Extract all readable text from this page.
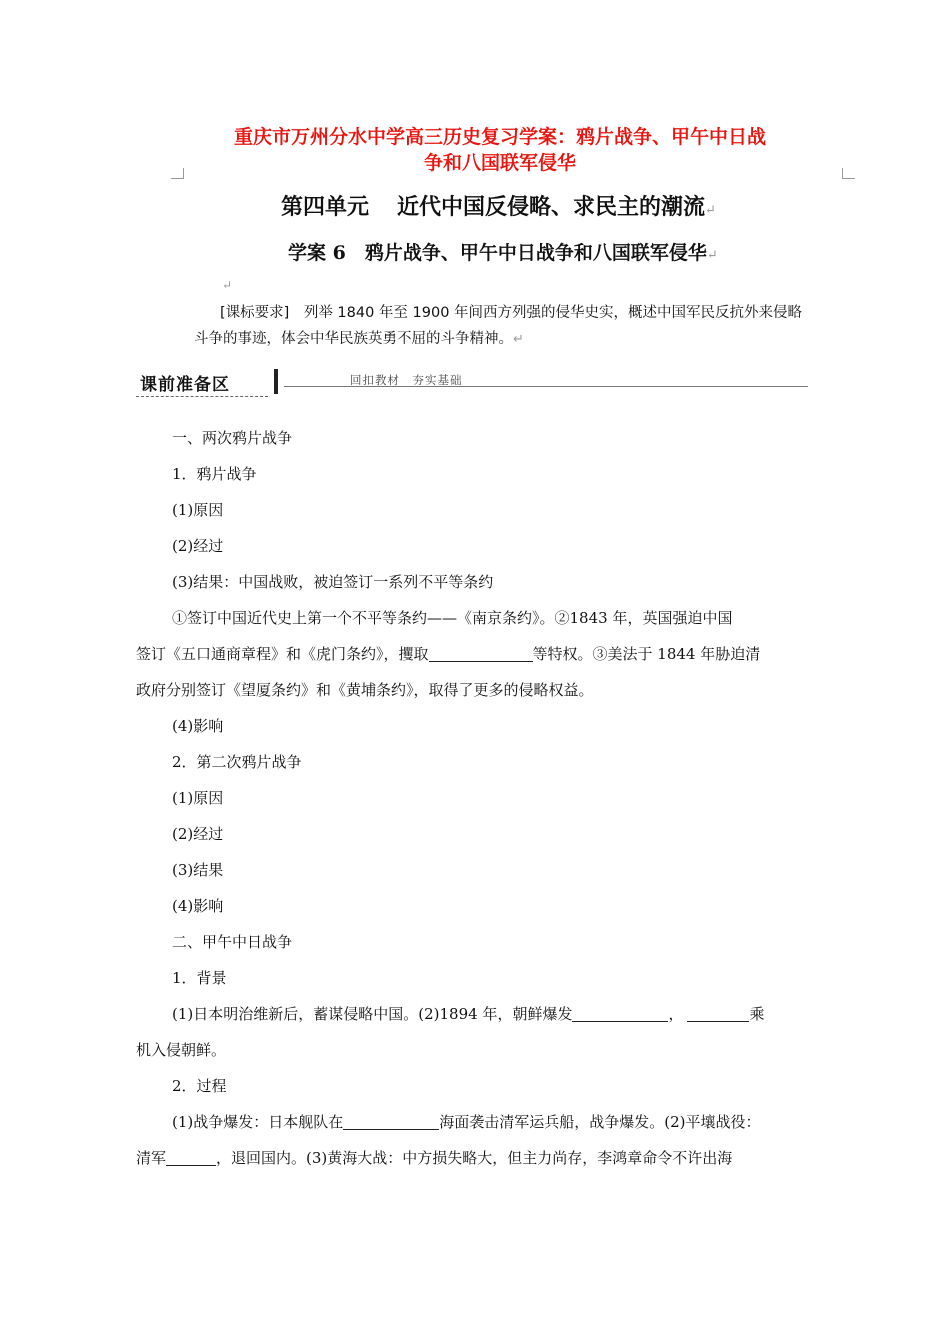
重庆市万州分水中学高三历史复习学案：鸦片战争、甲午中日战
争和八国联军侵华
第四单元 近代中国反侵略、求民主的潮流↵
学案 6　鸦片战争、甲午中日战争和八国联军侵华↵
↵
[课标要求]　列举 1840 年至 1900 年间西方列强的侵华史实，概述中国军民反抗外来侵略
斗争的事迹，体会中华民族英勇不屈的斗争精神。↵
课前准备区	回扣教材　夯实基础
一、两次鸦片战争
1．鸦片战争
(1)原因
(2)经过
(3)结果：中国战败，被迫签订一系列不平等条约
①签订中国近代史上第一个不平等条约——《南京条约》。②1843 年，英国强迫中国
签订《五口通商章程》和《虎门条约》，攫取	等特权。③美法于 1844 年胁迫清
政府分别签订《望厦条约》和《黄埔条约》，取得了更多的侵略权益。
(4)影响
2．第二次鸦片战争
(1)原因
(2)经过
(3)结果
(4)影响
二、甲午中日战争
1．背景
(1)日本明治维新后，蓄谋侵略中国。(2)1894 年，朝鲜爆发	，	乘
机入侵朝鲜。
2．过程
(1)战争爆发：日本舰队在	海面袭击清军运兵船，战争爆发。(2)平壤战役：
清军	，退回国内。(3)黄海大战：中方损失略大，但主力尚存，李鸿章命令不许出海
